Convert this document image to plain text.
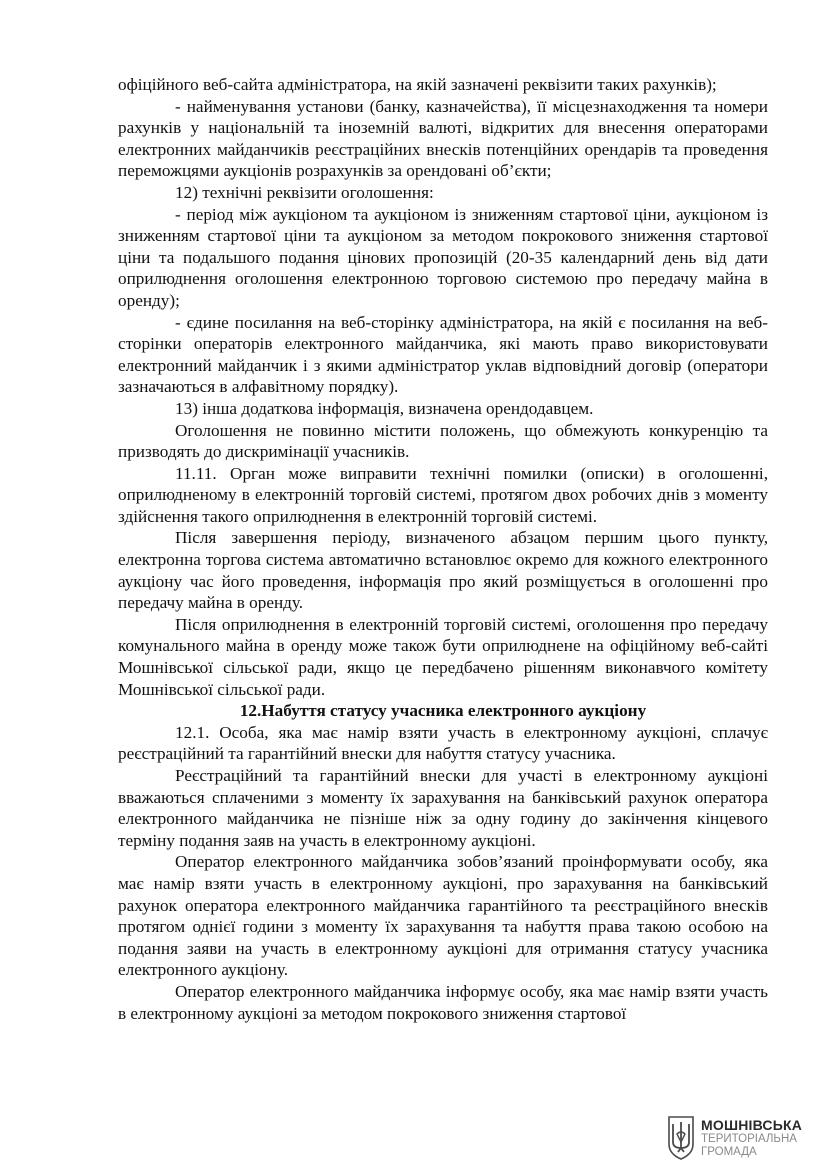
офіційного веб-сайта адміністратора, на якій зазначені реквізити таких рахунків);

- найменування установи (банку, казначейства), її місцезнаходження та номери рахунків у національній та іноземній валюті, відкритих для внесення операторами електронних майданчиків реєстраційних внесків потенційних орендарів та проведення переможцями аукціонів розрахунків за орендовані об’єкти;

12) технічні реквізити оголошення:

- період між аукціоном та аукціоном із зниженням стартової ціни, аукціоном із зниженням стартової ціни та аукціоном за методом покрокового зниження стартової ціни та подальшого подання цінових пропозицій (20-35 календарний день від дати оприлюднення оголошення електронною торговою системою про передачу майна в оренду);

- єдине посилання на веб-сторінку адміністратора, на якій є посилання на веб-сторінки операторів електронного майданчика, які мають право використовувати електронний майданчик і з якими адміністратор уклав відповідний договір (оператори зазначаються в алфавітному порядку).

13) інша додаткова інформація, визначена орендодавцем.

Оголошення не повинно містити положень, що обмежують конкуренцію та призводять до дискримінації учасників.

11.11. Орган може виправити технічні помилки (описки) в оголошенні, оприлюдненому в електронній торговій системі, протягом двох робочих днів з моменту здійснення такого оприлюднення в електронній торговій системі.

Після завершення періоду, визначеного абзацом першим цього пункту, електронна торгова система автоматично встановлює окремо для кожного електронного аукціону час його проведення, інформація про який розміщується в оголошенні про передачу майна в оренду.

Після оприлюднення в електронній торговій системі, оголошення про передачу комунального майна в оренду може також бути оприлюднене на офіційному веб-сайті Мошнівської сільської ради, якщо це передбачено рішенням виконавчого комітету Мошнівської сільської ради.

12.Набуття статусу учасника електронного аукціону

12.1. Особа, яка має намір взяти участь в електронному аукціоні, сплачує реєстраційний та гарантійний внески для набуття статусу учасника.

Реєстраційний та гарантійний внески для участі в електронному аукціоні вважаються сплаченими з моменту їх зарахування на банківський рахунок оператора електронного майданчика не пізніше ніж за одну годину до закінчення кінцевого терміну подання заяв на участь в електронному аукціоні.

Оператор електронного майданчика зобов’язаний проінформувати особу, яка має намір взяти участь в електронному аукціоні, про зарахування на банківський рахунок оператора електронного майданчика гарантійного та реєстраційного внесків протягом однієї години з моменту їх зарахування та набуття права такою особою на подання заяви на участь в електронному аукціоні для отримання статусу учасника електронного аукціону.

Оператор електронного майданчика інформує особу, яка має намір взяти участь в електронному аукціоні за методом покрокового зниження стартової

МОШНІВСЬКА
ТЕРИТОРІАЛЬНА
ГРОМАДА
